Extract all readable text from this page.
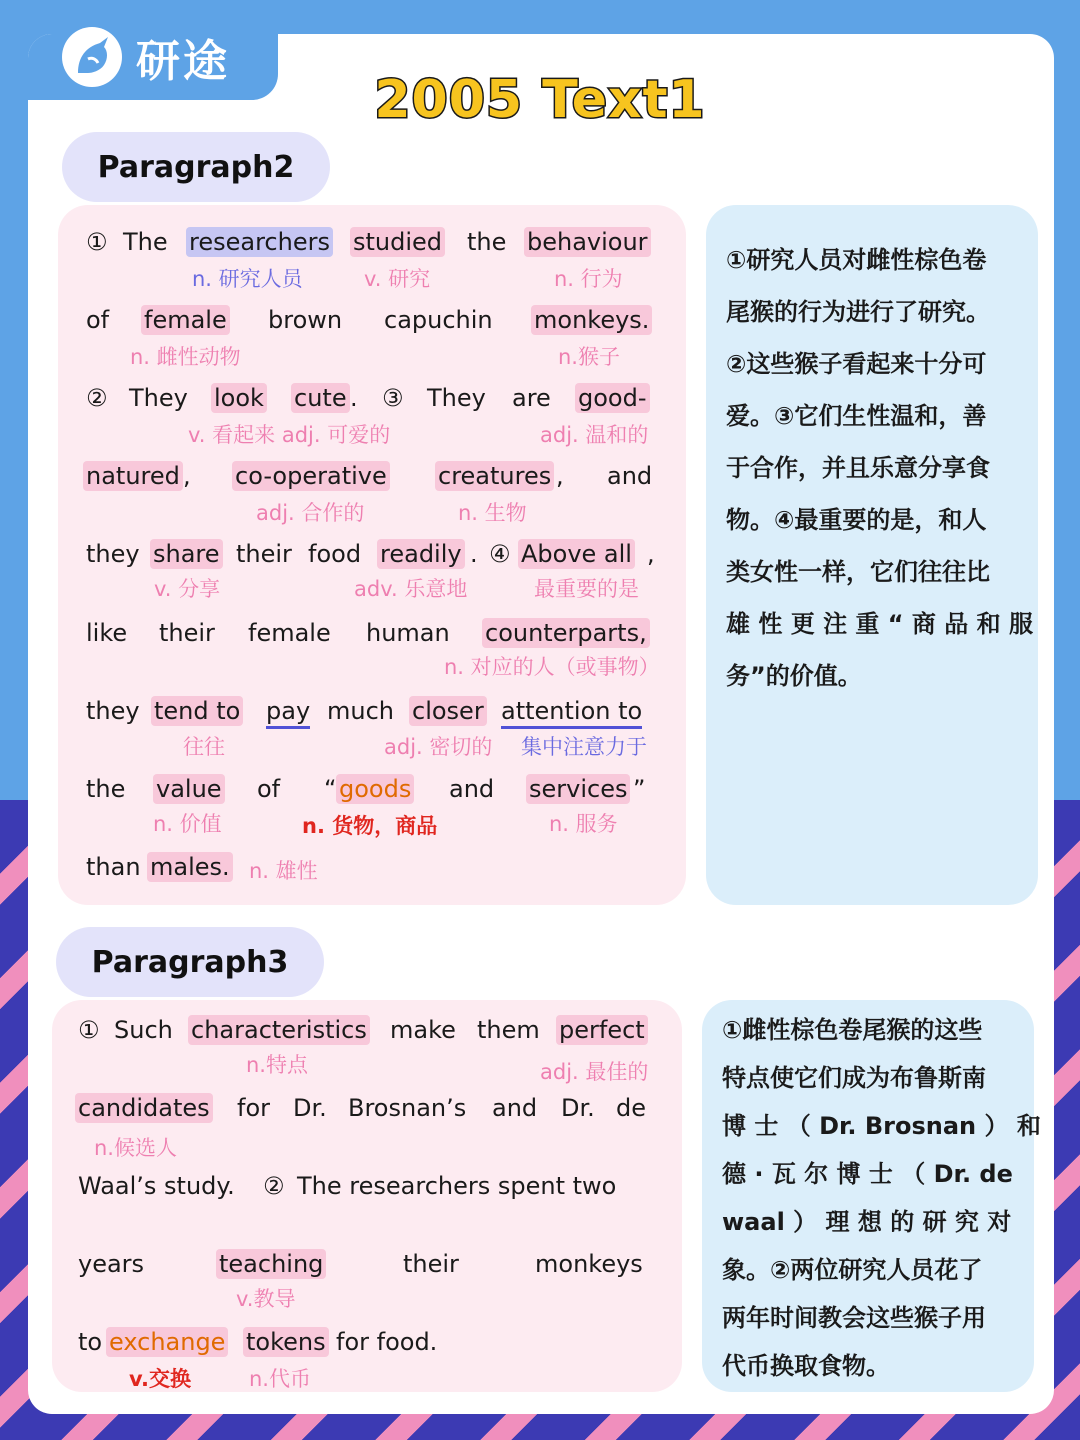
研途
2005 Text1
Paragraph2
① The researchers studied the behaviour
n. 研究人员	v. 研究	n. 行为
of female brown capuchin monkeys.
n. 雌性动物	n.猴子
② They look cute . ③ They are good-
v. 看起来 adj. 可爱的	adj. 温和的
natured , co-operative creatures , and
adj. 合作的	n. 生物
they share their food readily . ④ Above all ,
v. 分享	adv. 乐意地	最重要的是
like their female human counterparts,
n. 对应的人（或事物）
they tend to pay much closer attention to
往往	adj. 密切的 集中注意力于
the value of “ goods and services ”
n. 价值	n. 货物，商品	n. 服务
than males. n. 雄性

①研究人员对雌性棕色卷

尾猴的行为进行了研究。

②这些猴子看起来十分可

爱。③它们生性温和，善

于合作，并且乐意分享食

物。④最重要的是，和人

类女性一样，它们往往比

雄 性 更 注 重 “ 商 品 和 服

务”的价值。

Paragraph3
① Such characteristics make them perfect
n.特点	adj. 最佳的
candidates for Dr. Brosnan’s and Dr. de
n.候选人
Waal’s study. ② The researchers spent two
years	teaching	their	monkeys
v.教导
to exchange tokens for food.
v.交换	n.代币

①雌性棕色卷尾猴的这些

特点使它们成为布鲁斯南

博 士 （ Dr. Brosnan ） 和

德 · 瓦 尔 博 士 （ Dr. de

waal ） 理 想 的 研 究 对

象。②两位研究人员花了

两年时间教会这些猴子用

代币换取食物。
